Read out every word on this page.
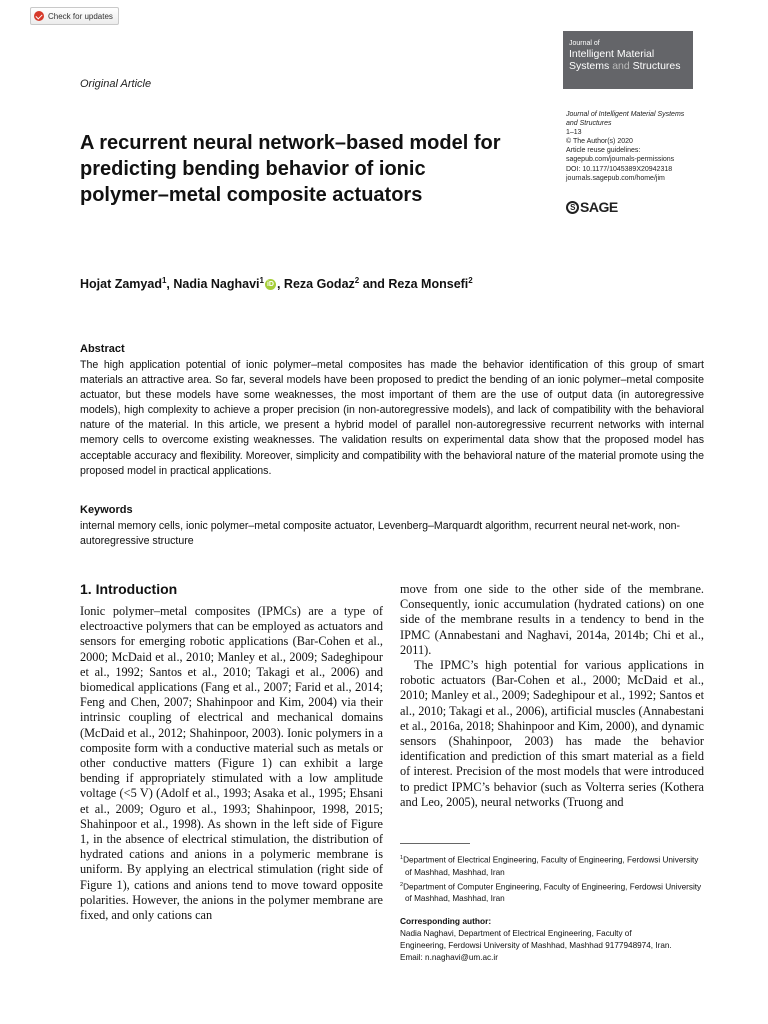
Check for updates
Original Article
Journal of
Intelligent Material
Systems and Structures
Journal of Intelligent Material Systems
and Structures
1–13
© The Author(s) 2020
Article reuse guidelines:
sagepub.com/journals-permissions
DOI: 10.1177/1045389X20942318
journals.sagepub.com/home/jim
S SAGE
A recurrent neural network–based model for predicting bending behavior of ionic polymer–metal composite actuators
Hojat Zamyad$^1$, Nadia Naghavi$^1$ iD , Reza Godaz$^2$ and Reza Monsefi$^2$
Abstract
The high application potential of ionic polymer–metal composites has made the behavior identification of this group of smart materials an attractive area. So far, several models have been proposed to predict the bending of an ionic polymer–metal composite actuator, but these models have some weaknesses, the most important of them are the use of output data (in autoregressive models), high complexity to achieve a proper precision (in non-autoregressive models), and lack of compatibility with the behavioral nature of the material. In this article, we present a hybrid model of parallel non-autoregressive recurrent networks with internal memory cells to overcome existing weaknesses. The validation results on experimental data show that the proposed model has acceptable accuracy and flexibility. Moreover, simplicity and compatibility with the behavioral nature of the material promote using the proposed model in practical applications.
Keywords
internal memory cells, ionic polymer–metal composite actuator, Levenberg–Marquardt algorithm, recurrent neural net-work, non-autoregressive structure
1. Introduction
Ionic polymer–metal composites (IPMCs) are a type of electroactive polymers that can be employed as actuators and sensors for emerging robotic applications (Bar-Cohen et al., 2000; McDaid et al., 2010; Manley et al., 2009; Sadeghipour et al., 1992; Santos et al., 2010; Takagi et al., 2006) and biomedical applications (Fang et al., 2007; Farid et al., 2014; Feng and Chen, 2007; Shahinpoor and Kim, 2004) via their intrinsic coupling of electrical and mechanical domains (McDaid et al., 2012; Shahinpoor, 2003). Ionic polymers in a composite form with a conductive material such as metals or other conductive matters (Figure 1) can exhibit a large bending if appropriately stimulated with a low amplitude voltage (<5 V) (Adolf et al., 1993; Asaka et al., 1995; Ehsani et al., 2009; Oguro et al., 1993; Shahinpoor, 1998, 2015; Shahinpoor et al., 1998). As shown in the left side of Figure 1, in the absence of electrical stimulation, the distribution of hydrated cations and anions in a polymeric membrane is uniform. By applying an electrical stimulation (right side of Figure 1), cations and anions tend to move toward opposite polarities. However, the anions in the polymer membrane are fixed, and only cations can

move from one side to the other side of the membrane. Consequently, ionic accumulation (hydrated cations) on one side of the membrane results in a tendency to bend in the IPMC (Annabestani and Naghavi, 2014a, 2014b; Chi et al., 2011).

The IPMC’s high potential for various applications in robotic actuators (Bar-Cohen et al., 2000; McDaid et al., 2010; Manley et al., 2009; Sadeghipour et al., 1992; Santos et al., 2010; Takagi et al., 2006), artificial muscles (Annabestani et al., 2016a, 2018; Shahinpoor and Kim, 2000), and dynamic sensors (Shahinpoor, 2003) has made the behavior identification and prediction of this smart material as a field of interest. Precision of the most models that were introduced to predict IPMC’s behavior (such as Volterra series (Kothera and Leo, 2005), neural networks (Truong and

$^1$Department of Electrical Engineering, Faculty of Engineering, Ferdowsi University of Mashhad, Mashhad, Iran
$^2$Department of Computer Engineering, Faculty of Engineering, Ferdowsi University of Mashhad, Mashhad, Iran
Corresponding author:
Nadia Naghavi, Department of Electrical Engineering, Faculty of
Engineering, Ferdowsi University of Mashhad, Mashhad 9177948974, Iran.
Email: n.naghavi@um.ac.ir
